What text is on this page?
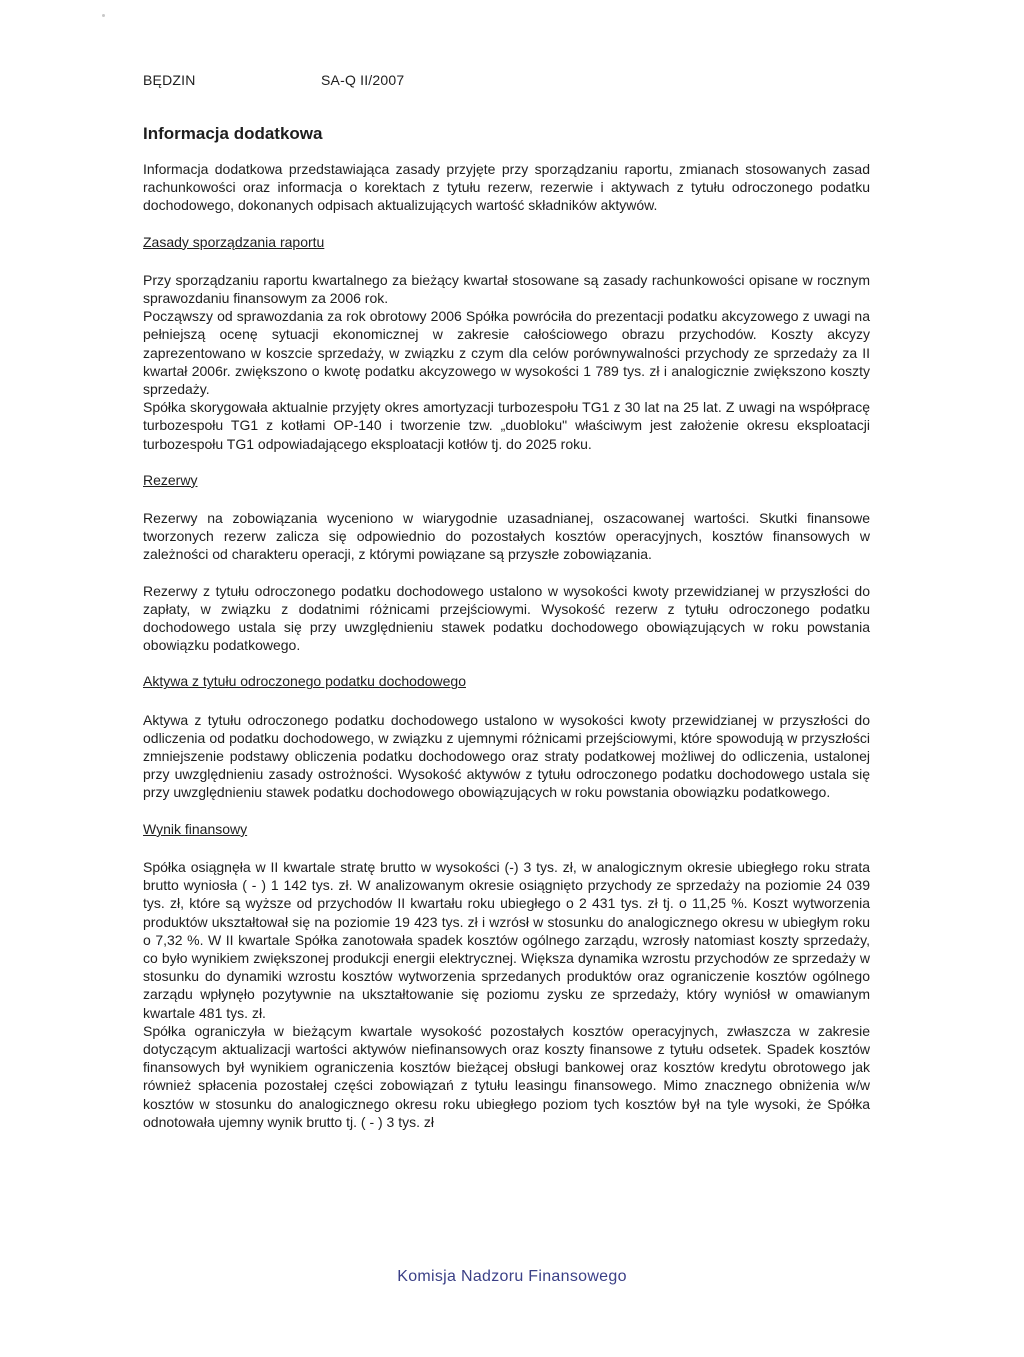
BĘDZIN	SA-Q II/2007
Informacja dodatkowa

Informacja dodatkowa przedstawiająca zasady przyjęte przy sporządzaniu raportu, zmianach stosowanych zasad rachunkowości oraz informacja o korektach z tytułu rezerw, rezerwie i aktywach z tytułu odroczonego podatku dochodowego, dokonanych odpisach aktualizujących wartość składników aktywów.

Zasady sporządzania raportu

Przy sporządzaniu raportu kwartalnego za bieżący kwartał stosowane są zasady rachunkowości opisane w rocznym sprawozdaniu finansowym za 2006 rok.

Począwszy od sprawozdania za rok obrotowy 2006 Spółka powróciła do prezentacji podatku akcyzowego z uwagi na pełniejszą ocenę sytuacji ekonomicznej w zakresie całościowego obrazu przychodów. Koszty akcyzy zaprezentowano w koszcie sprzedaży, w związku z czym dla celów porównywalności przychody ze sprzedaży za II kwartał 2006r. zwiększono o kwotę podatku akcyzowego w wysokości 1 789 tys. zł i analogicznie zwiększono koszty sprzedaży.

Spółka skorygowała aktualnie przyjęty okres amortyzacji turbozespołu TG1 z 30 lat na 25 lat. Z uwagi na współpracę turbozespołu TG1 z kotłami OP-140 i tworzenie tzw. „duobloku" właściwym jest założenie okresu eksploatacji turbozespołu TG1 odpowiadającego eksploatacji kotłów tj. do 2025 roku.

Rezerwy

Rezerwy na zobowiązania wyceniono w wiarygodnie uzasadnianej, oszacowanej wartości. Skutki finansowe tworzonych rezerw zalicza się odpowiednio do pozostałych kosztów operacyjnych, kosztów finansowych w zależności od charakteru operacji, z którymi powiązane są przyszłe zobowiązania.

Rezerwy z tytułu odroczonego podatku dochodowego ustalono w wysokości kwoty przewidzianej w przyszłości do zapłaty, w związku z dodatnimi różnicami przejściowymi. Wysokość rezerw z tytułu odroczonego podatku dochodowego ustala się przy uwzględnieniu stawek podatku dochodowego obowiązujących w roku powstania obowiązku podatkowego.

Aktywa z tytułu odroczonego podatku dochodowego

Aktywa z tytułu odroczonego podatku dochodowego ustalono w wysokości kwoty przewidzianej w przyszłości do odliczenia od podatku dochodowego, w związku z ujemnymi różnicami przejściowymi, które spowodują w przyszłości zmniejszenie podstawy obliczenia podatku dochodowego oraz straty podatkowej możliwej do odliczenia, ustalonej przy uwzględnieniu zasady ostrożności. Wysokość aktywów z tytułu odroczonego podatku dochodowego ustala się przy uwzględnieniu stawek podatku dochodowego obowiązujących w roku powstania obowiązku podatkowego.

Wynik finansowy

Spółka osiągnęła w II kwartale stratę brutto w wysokości (-) 3 tys. zł, w analogicznym okresie ubiegłego roku strata brutto wyniosła ( - ) 1 142 tys. zł. W analizowanym okresie osiągnięto przychody ze sprzedaży na poziomie 24 039 tys. zł, które są wyższe od przychodów II kwartału roku ubiegłego o 2 431 tys. zł tj. o 11,25 %. Koszt wytworzenia produktów ukształtował się na poziomie 19 423 tys. zł i wzrósł w stosunku do analogicznego okresu w ubiegłym roku o 7,32 %. W II kwartale Spółka zanotowała spadek kosztów ogólnego zarządu, wzrosły natomiast koszty sprzedaży, co było wynikiem zwiększonej produkcji energii elektrycznej. Większa dynamika wzrostu przychodów ze sprzedaży w stosunku do dynamiki wzrostu kosztów wytworzenia sprzedanych produktów oraz ograniczenie kosztów ogólnego zarządu wpłynęło pozytywnie na ukształtowanie się poziomu zysku ze sprzedaży, który wyniósł w omawianym kwartale 481 tys. zł.

Spółka ograniczyła w bieżącym kwartale wysokość pozostałych kosztów operacyjnych, zwłaszcza w zakresie dotyczącym aktualizacji wartości aktywów niefinansowych oraz koszty finansowe z tytułu odsetek. Spadek kosztów finansowych był wynikiem ograniczenia kosztów bieżącej obsługi bankowej oraz kosztów kredytu obrotowego jak również spłacenia pozostałej części zobowiązań z tytułu leasingu finansowego. Mimo znacznego obniżenia w/w kosztów w stosunku do analogicznego okresu roku ubiegłego poziom tych kosztów był na tyle wysoki, że Spółka odnotowała ujemny wynik brutto tj. ( - ) 3 tys. zł

Komisja Nadzoru Finansowego
